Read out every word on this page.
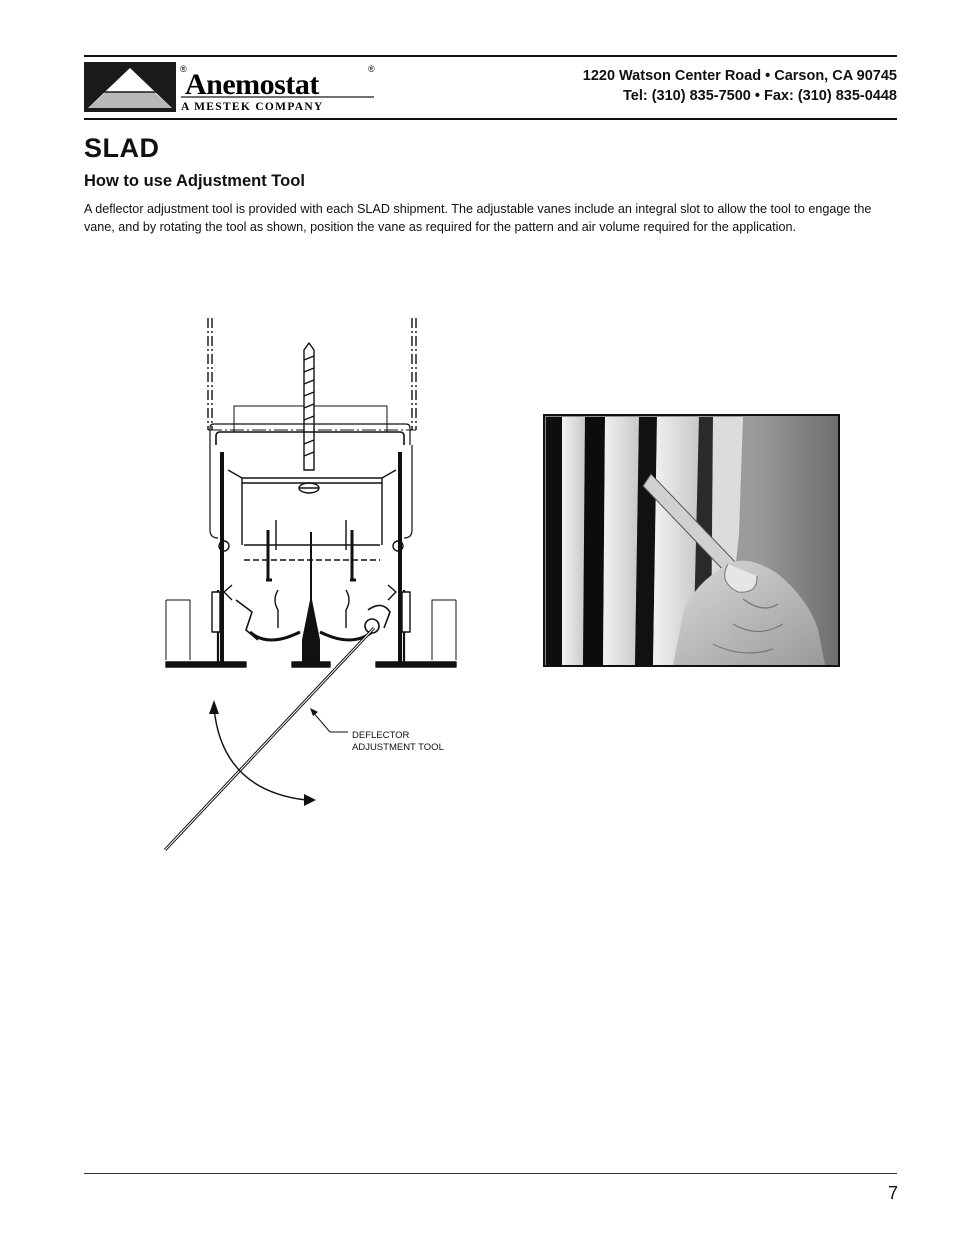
®
Anemostat	®
A MESTEK COMPANY
1220 Watson Center Road • Carson, CA 90745
Tel: (310) 835-7500 • Fax: (310) 835-0448
SLAD
How to use Adjustment Tool

A deflector adjustment tool is provided with each SLAD shipment. The adjustable vanes include an integral slot to allow the tool to engage the vane, and by rotating the tool as shown, position the vane as required for the pattern and air volume required for the application.

DEFLECTOR
ADJUSTMENT TOOL
7
